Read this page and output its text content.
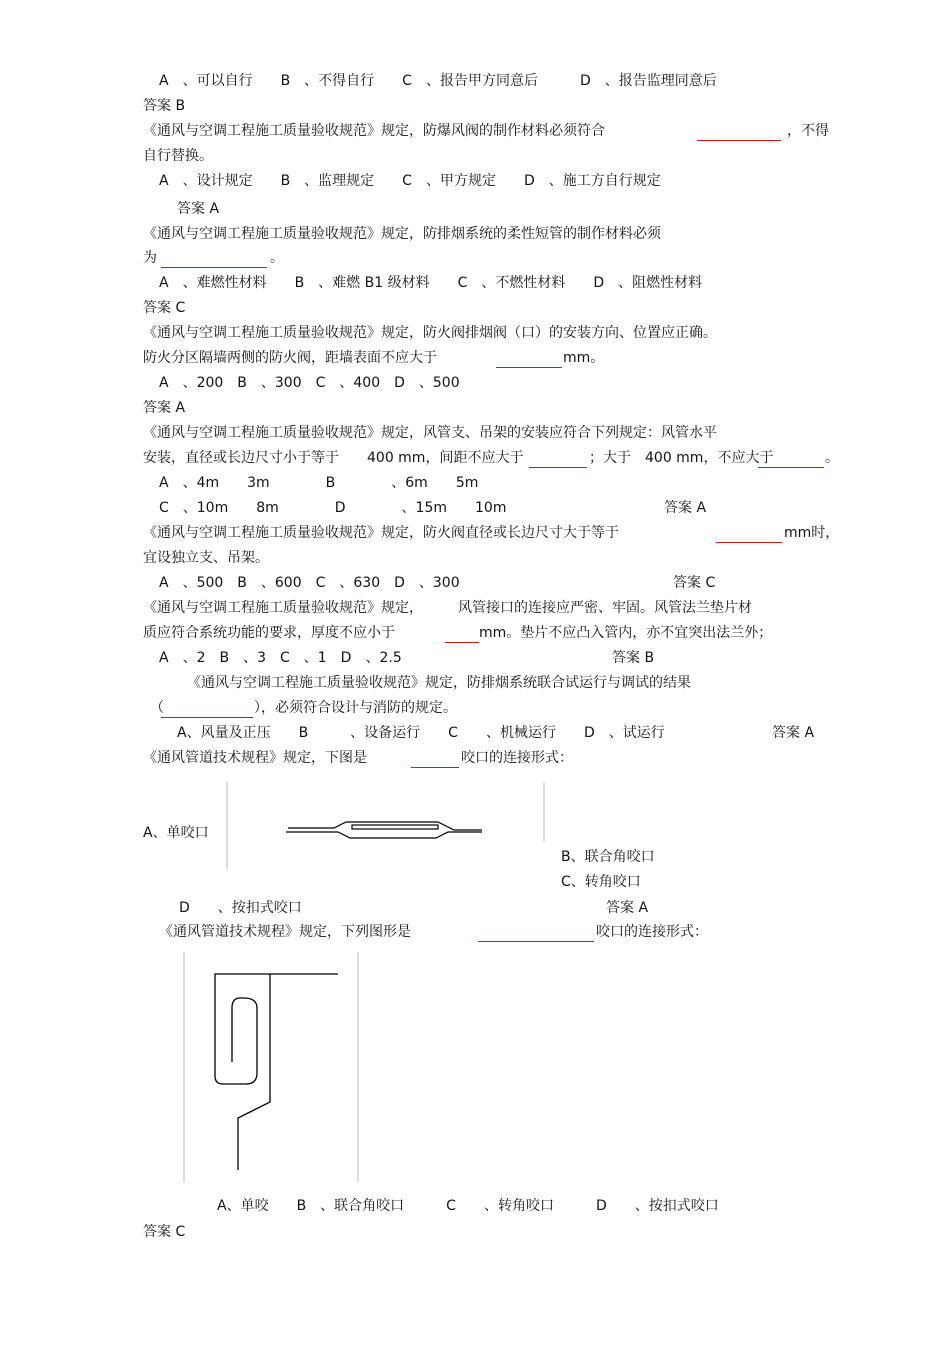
A　、可以自行　　B　、不得自行　　C　、报告甲方同意后　　　D　、报告监理同意后
答案 B
《通风与空调工程施工质量验收规范》规定，防爆风阀的制作材料必须符合	，不得
自行替换。
A　、设计规定　　B　、监理规定　　C　、甲方规定　　D　、施工方自行规定
答案 A
《通风与空调工程施工质量验收规范》规定，防排烟系统的柔性短管的制作材料必须
为	。
A　、难燃性材料　　B　、难燃 B1 级材料　　C　、不燃性材料　　D　、阻燃性材料
答案 C
《通风与空调工程施工质量验收规范》规定，防火阀排烟阀（口）的安装方向、位置应正确。
防火分区隔墙两侧的防火阀，距墙表面不应大于	mm。
A　、200　B　、300　C　、400　D　、500
答案 A
《通风与空调工程施工质量验收规范》规定，风管支、吊架的安装应符合下列规定：风管水平
安装，直径或长边尺寸小于等于　　400 mm，间距不应大于	；大于　400 mm，不应大于	。
A　、4m　　3m　　　　B　　　　、6m　　5m
C　、10m　　8m　　　　D　　　　、15m　　10m	答案 A
《通风与空调工程施工质量验收规范》规定，防火阀直径或长边尺寸大于等于	mm时，
宜设独立支、吊架。
A　、500　B　、600　C　、630　D　、300	答案 C
《通风与空调工程施工质量验收规范》规定，　　　风管接口的连接应严密、牢固。风管法兰垫片材
质应符合系统功能的要求，厚度不应小于	mm。垫片不应凸入管内，亦不宜突出法兰外；
A　、2　B　、3　C　、1　D　、2.5	答案 B
《通风与空调工程施工质量验收规范》规定，防排烟系统联合试运行与调试的结果
（	），必须符合设计与消防的规定。
A、风量及正压　　B　　　、设备运行　　C　　、机械运行　　D　、试运行	答案 A
《通风管道技术规程》规定，下图是	咬口的连接形式：
A、单咬口
B、联合角咬口
C、转角咬口
D　　、按扣式咬口	答案 A
《通风管道技术规程》规定，下列图形是	咬口的连接形式：
A、单咬　　B　、联合角咬口　　　C　　、转角咬口　　　D　　、按扣式咬口
答案 C
